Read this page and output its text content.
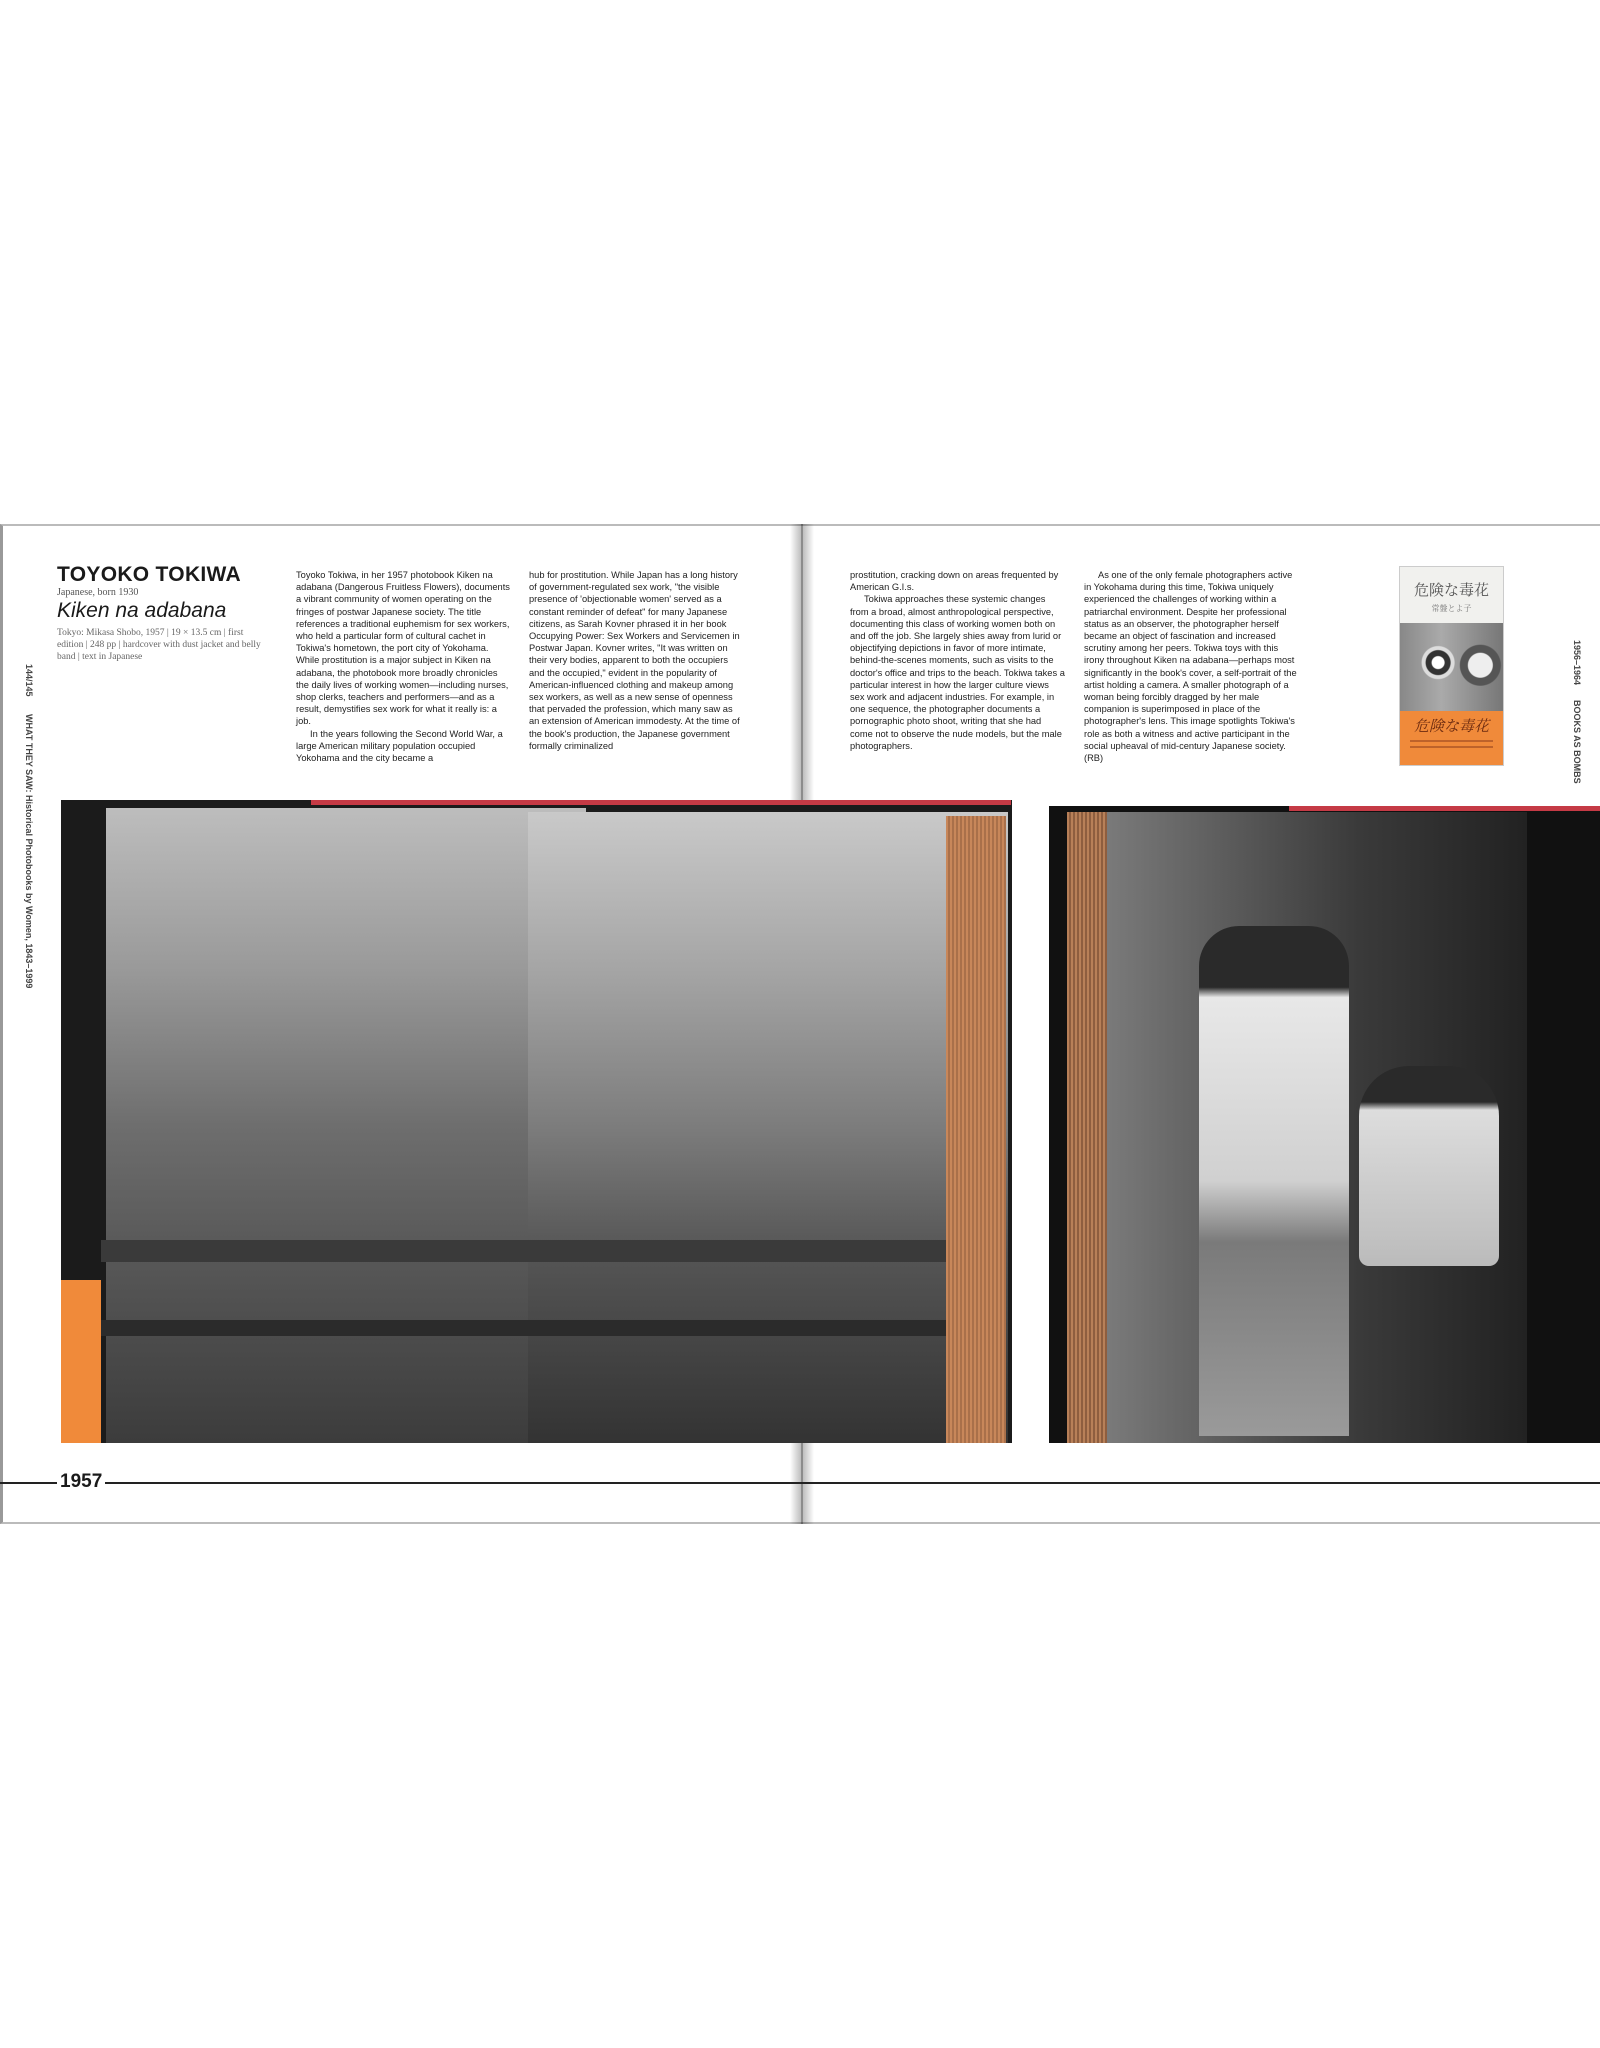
144/145
WHAT THEY SAW: Historical Photobooks by Women, 1843–1999
1956–1964
BOOKS AS BOMBS
TOYOKO TOKIWA
Japanese, born 1930
Kiken na adabana
Tokyo: Mikasa Shobo, 1957 | 19 × 13.5 cm | first edition | 248 pp | hardcover with dust jacket and belly band | text in Japanese

Toyoko Tokiwa, in her 1957 photobook Kiken na adabana (Dangerous Fruitless Flowers), documents a vibrant community of women operating on the fringes of postwar Japanese society. The title references a traditional euphemism for sex workers, who held a particular form of cultural cachet in Tokiwa's hometown, the port city of Yokohama. While prostitution is a major subject in Kiken na adabana, the photobook more broadly chronicles the daily lives of working women—including nurses, shop clerks, teachers and performers—and as a result, demystifies sex work for what it really is: a job.

In the years following the Second World War, a large American military population occupied Yokohama and the city became a

hub for prostitution. While Japan has a long history of government-regulated sex work, "the visible presence of 'objectionable women' served as a constant reminder of defeat" for many Japanese citizens, as Sarah Kovner phrased it in her book Occupying Power: Sex Workers and Servicemen in Postwar Japan. Kovner writes, "It was written on their very bodies, apparent to both the occupiers and the occupied," evident in the popularity of American-influenced clothing and makeup among sex workers, as well as a new sense of openness that pervaded the profession, which many saw as an extension of American immodesty. At the time of the book's production, the Japanese government formally criminalized

prostitution, cracking down on areas frequented by American G.I.s.

Tokiwa approaches these systemic changes from a broad, almost anthropological perspective, documenting this class of working women both on and off the job. She largely shies away from lurid or objectifying depictions in favor of more intimate, behind-the-scenes moments, such as visits to the doctor's office and trips to the beach. Tokiwa takes a particular interest in how the larger culture views sex work and adjacent industries. For example, in one sequence, the photographer documents a pornographic photo shoot, writing that she had come not to observe the nude models, but the male photographers.

As one of the only female photographers active in Yokohama during this time, Tokiwa uniquely experienced the challenges of working within a patriarchal environment. Despite her professional status as an observer, the photographer herself became an object of fascination and increased scrutiny among her peers. Tokiwa toys with this irony throughout Kiken na adabana—perhaps most significantly in the book's cover, a self-portrait of the artist holding a camera. A smaller photograph of a woman being forcibly dragged by her male companion is superimposed in place of the photographer's lens. This image spotlights Tokiwa's role as both a witness and active participant in the social upheaval of mid-century Japanese society. (RB)

危険な毒花
常盤とよ子
危険な毒花
1957
